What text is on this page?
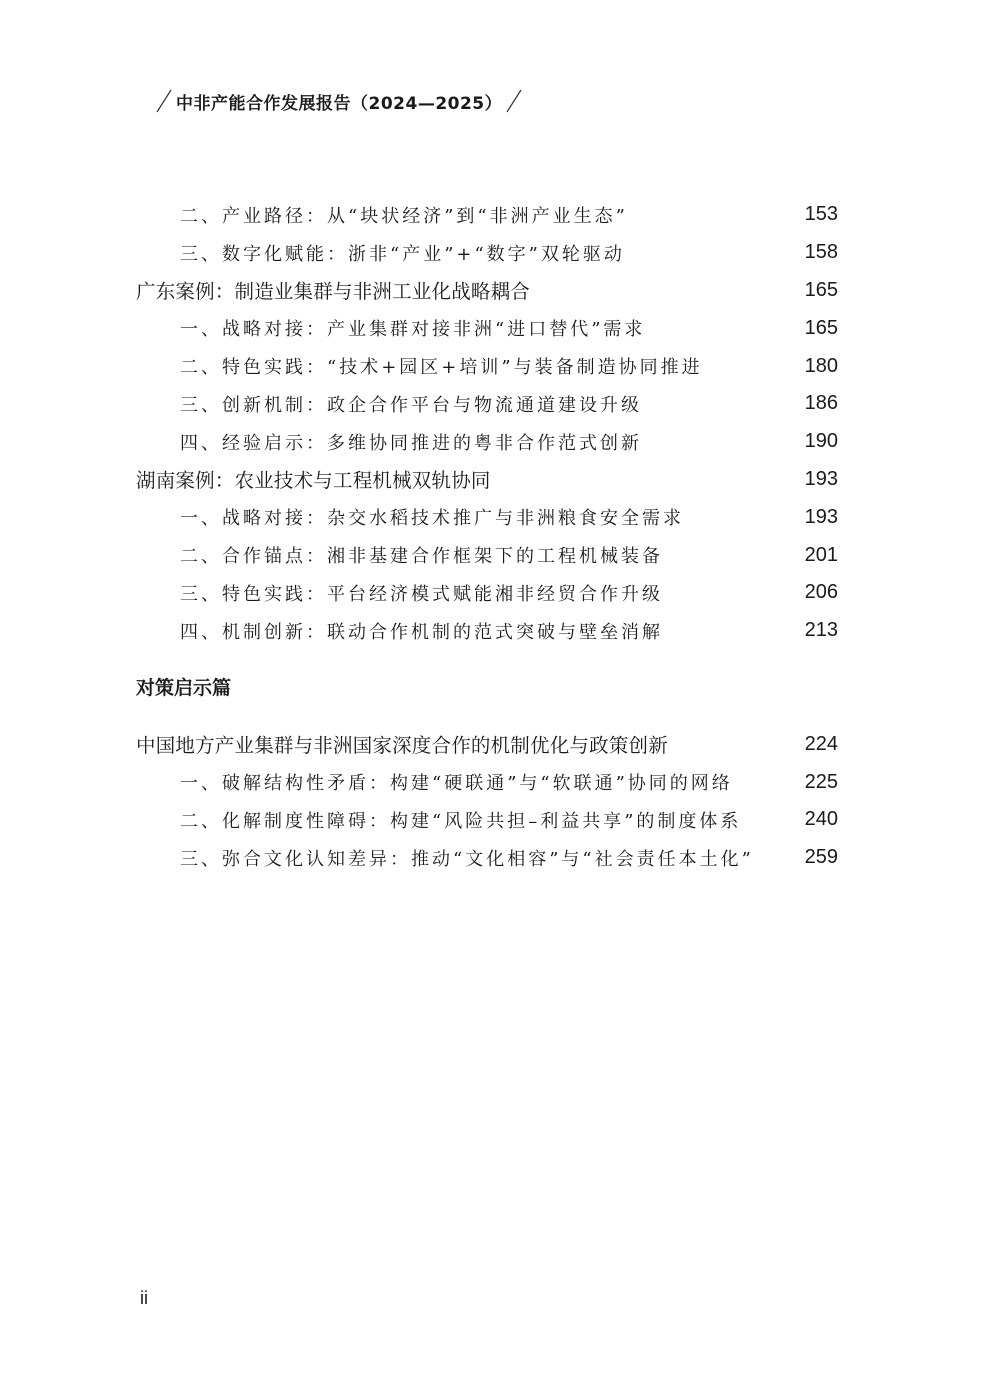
中非产能合作发展报告（2024—2025）
二、产业路径：从“块状经济”到“非洲产业生态”	153
三、数字化赋能：浙非“产业”+“数字”双轮驱动	158
广东案例：制造业集群与非洲工业化战略耦合	165
一、战略对接：产业集群对接非洲“进口替代”需求	165
二、特色实践：“技术+园区+培训”与装备制造协同推进	180
三、创新机制：政企合作平台与物流通道建设升级	186
四、经验启示：多维协同推进的粤非合作范式创新	190
湖南案例：农业技术与工程机械双轨协同	193
一、战略对接：杂交水稻技术推广与非洲粮食安全需求	193
二、合作锚点：湘非基建合作框架下的工程机械装备	201
三、特色实践：平台经济模式赋能湘非经贸合作升级	206
四、机制创新：联动合作机制的范式突破与壁垒消解	213
对策启示篇
中国地方产业集群与非洲国家深度合作的机制优化与政策创新	224
一、破解结构性矛盾：构建“硬联通”与“软联通”协同的网络	225
二、化解制度性障碍：构建“风险共担–利益共享”的制度体系	240
三、弥合文化认知差异：推动“文化相容”与“社会责任本土化”	259
ii
